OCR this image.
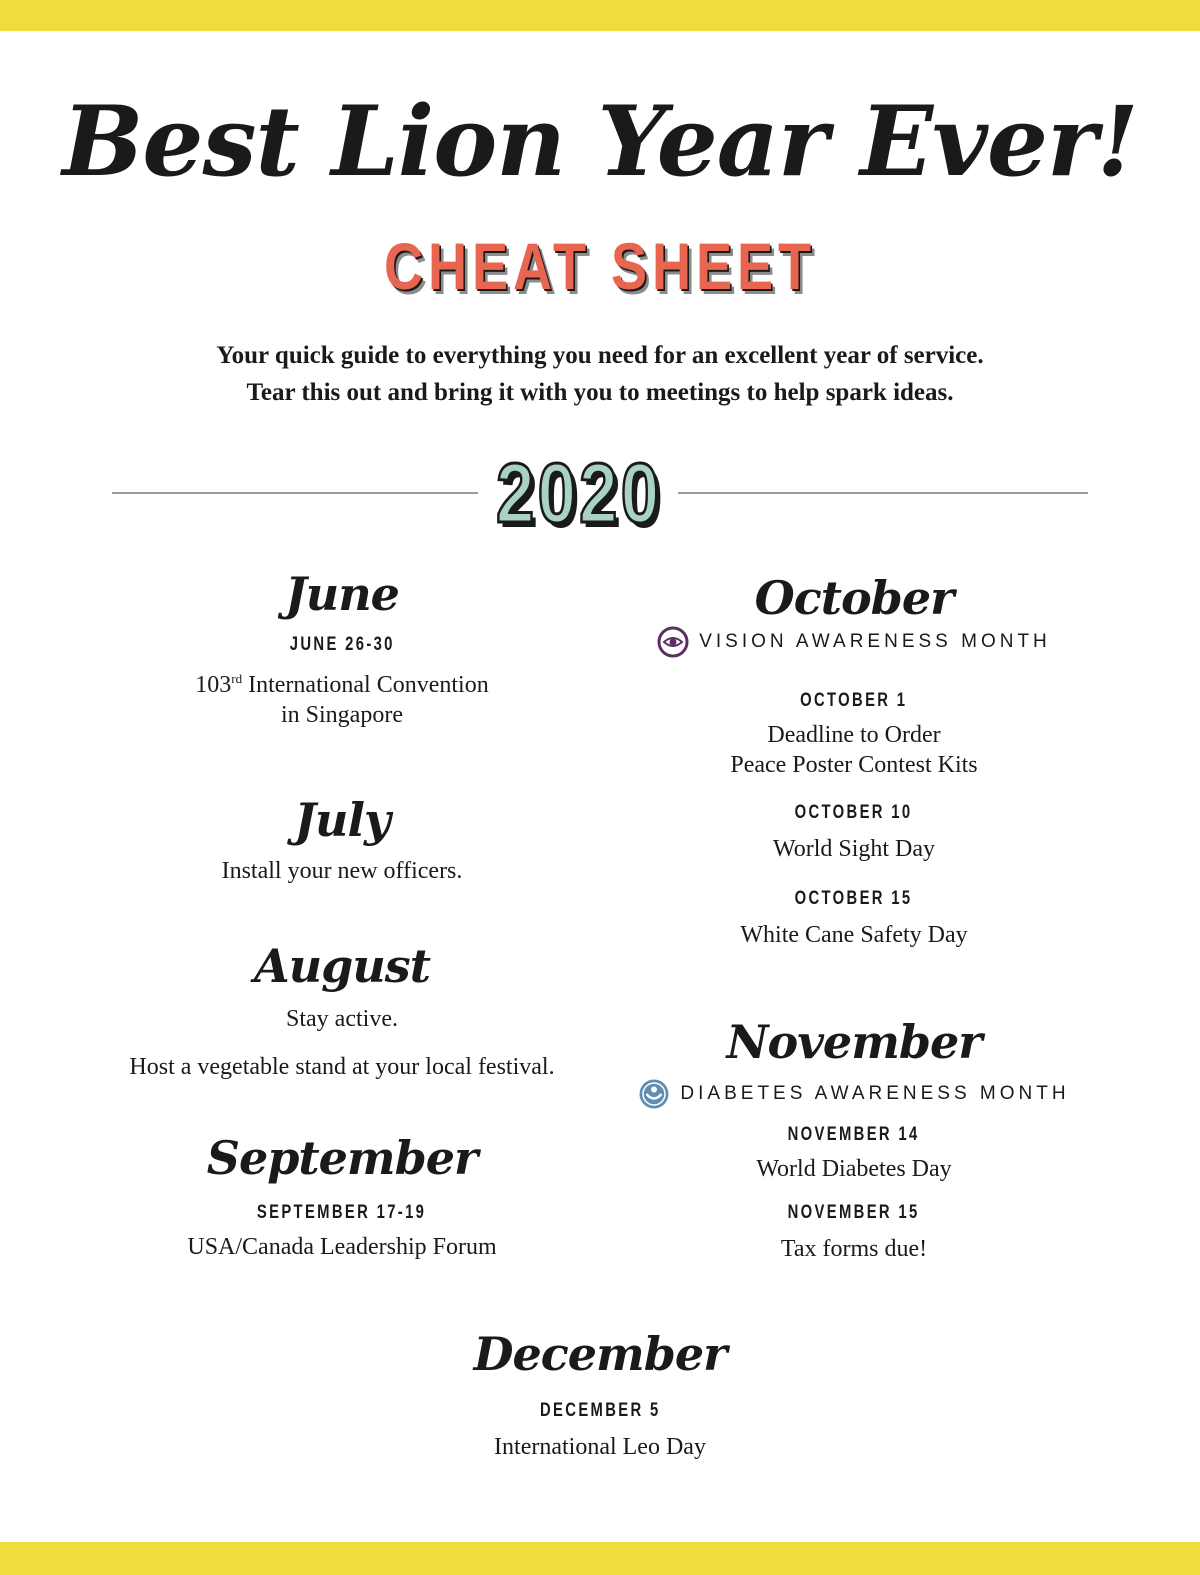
Best Lion Year Ever!
CHEAT SHEET
Your quick guide to everything you need for an excellent year of service.
Tear this out and bring it with you to meetings to help spark ideas.
2020
June
JUNE 26-30
103rd International Convention
in Singapore
July
Install your new officers.
August
Stay active.
Host a vegetable stand at your local festival.
September
SEPTEMBER 17-19
USA/Canada Leadership Forum
October
VISION AWARENESS MONTH
OCTOBER 1
Deadline to Order
Peace Poster Contest Kits
OCTOBER 10
World Sight Day
OCTOBER 15
White Cane Safety Day
November
DIABETES AWARENESS MONTH
NOVEMBER 14
World Diabetes Day
NOVEMBER 15
Tax forms due!
December
DECEMBER 5
International Leo Day
